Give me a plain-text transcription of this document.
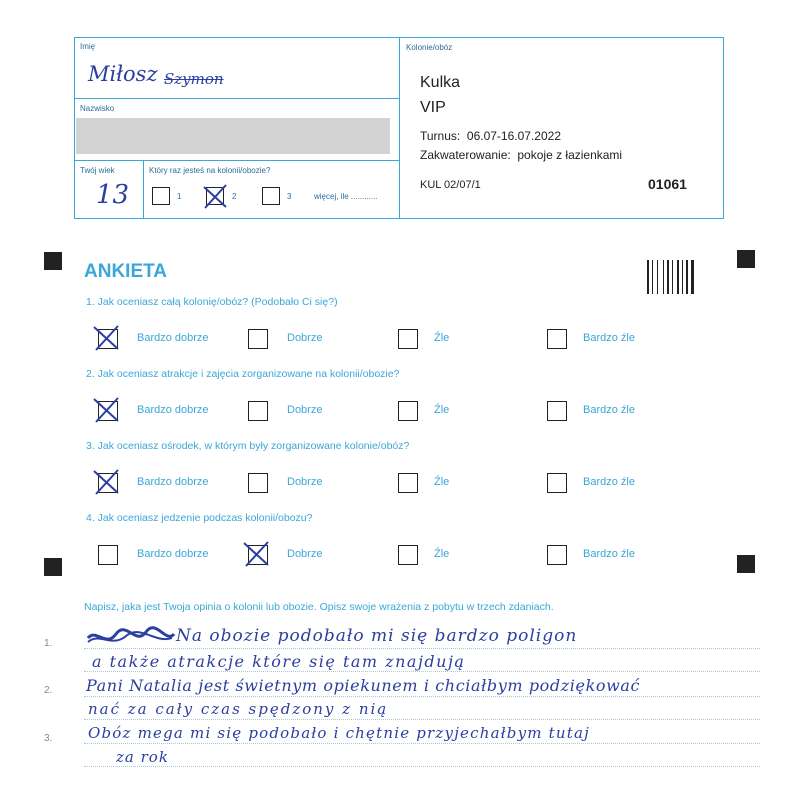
Imię
Miłosz Szymon
Nazwisko
Twój wiek
13
Który raz jesteś na kolonii/obozie?
1	2	3	więcej, ile ............
Kolonie/obóz
Kulka
VIP
Turnus:  06.07-16.07.2022
Zakwaterowanie:  pokoje z łazienkami
KUL 02/07/1	01061
ANKIETA
1. Jak oceniasz całą kolonię/obóz? (Podobało Ci się?)
Bardzo dobrze	Dobrze	Źle	Bardzo źle
2. Jak oceniasz atrakcje i zajęcia zorganizowane na kolonii/obozie?
Bardzo dobrze	Dobrze	Źle	Bardzo źle
3. Jak oceniasz ośrodek, w którym były zorganizowane kolonie/obóz?
Bardzo dobrze	Dobrze	Źle	Bardzo źle
4. Jak oceniasz jedzenie podczas kolonii/obozu?
Bardzo dobrze	Dobrze	Źle	Bardzo źle
Napisz, jaka jest Twoja opinia o kolonii lub obozie. Opisz swoje wrażenia z pobytu w trzech zdaniach.
1.
2.
3.
Na obozie podobało mi się bardzo poligon
a także atrakcje które się tam znajdują
Pani Natalia jest świetnym opiekunem i chciałbym podziękować
nać za cały czas spędzony z nią
Obóz mega mi się podobało i chętnie przyjechałbym tutaj
za rok
